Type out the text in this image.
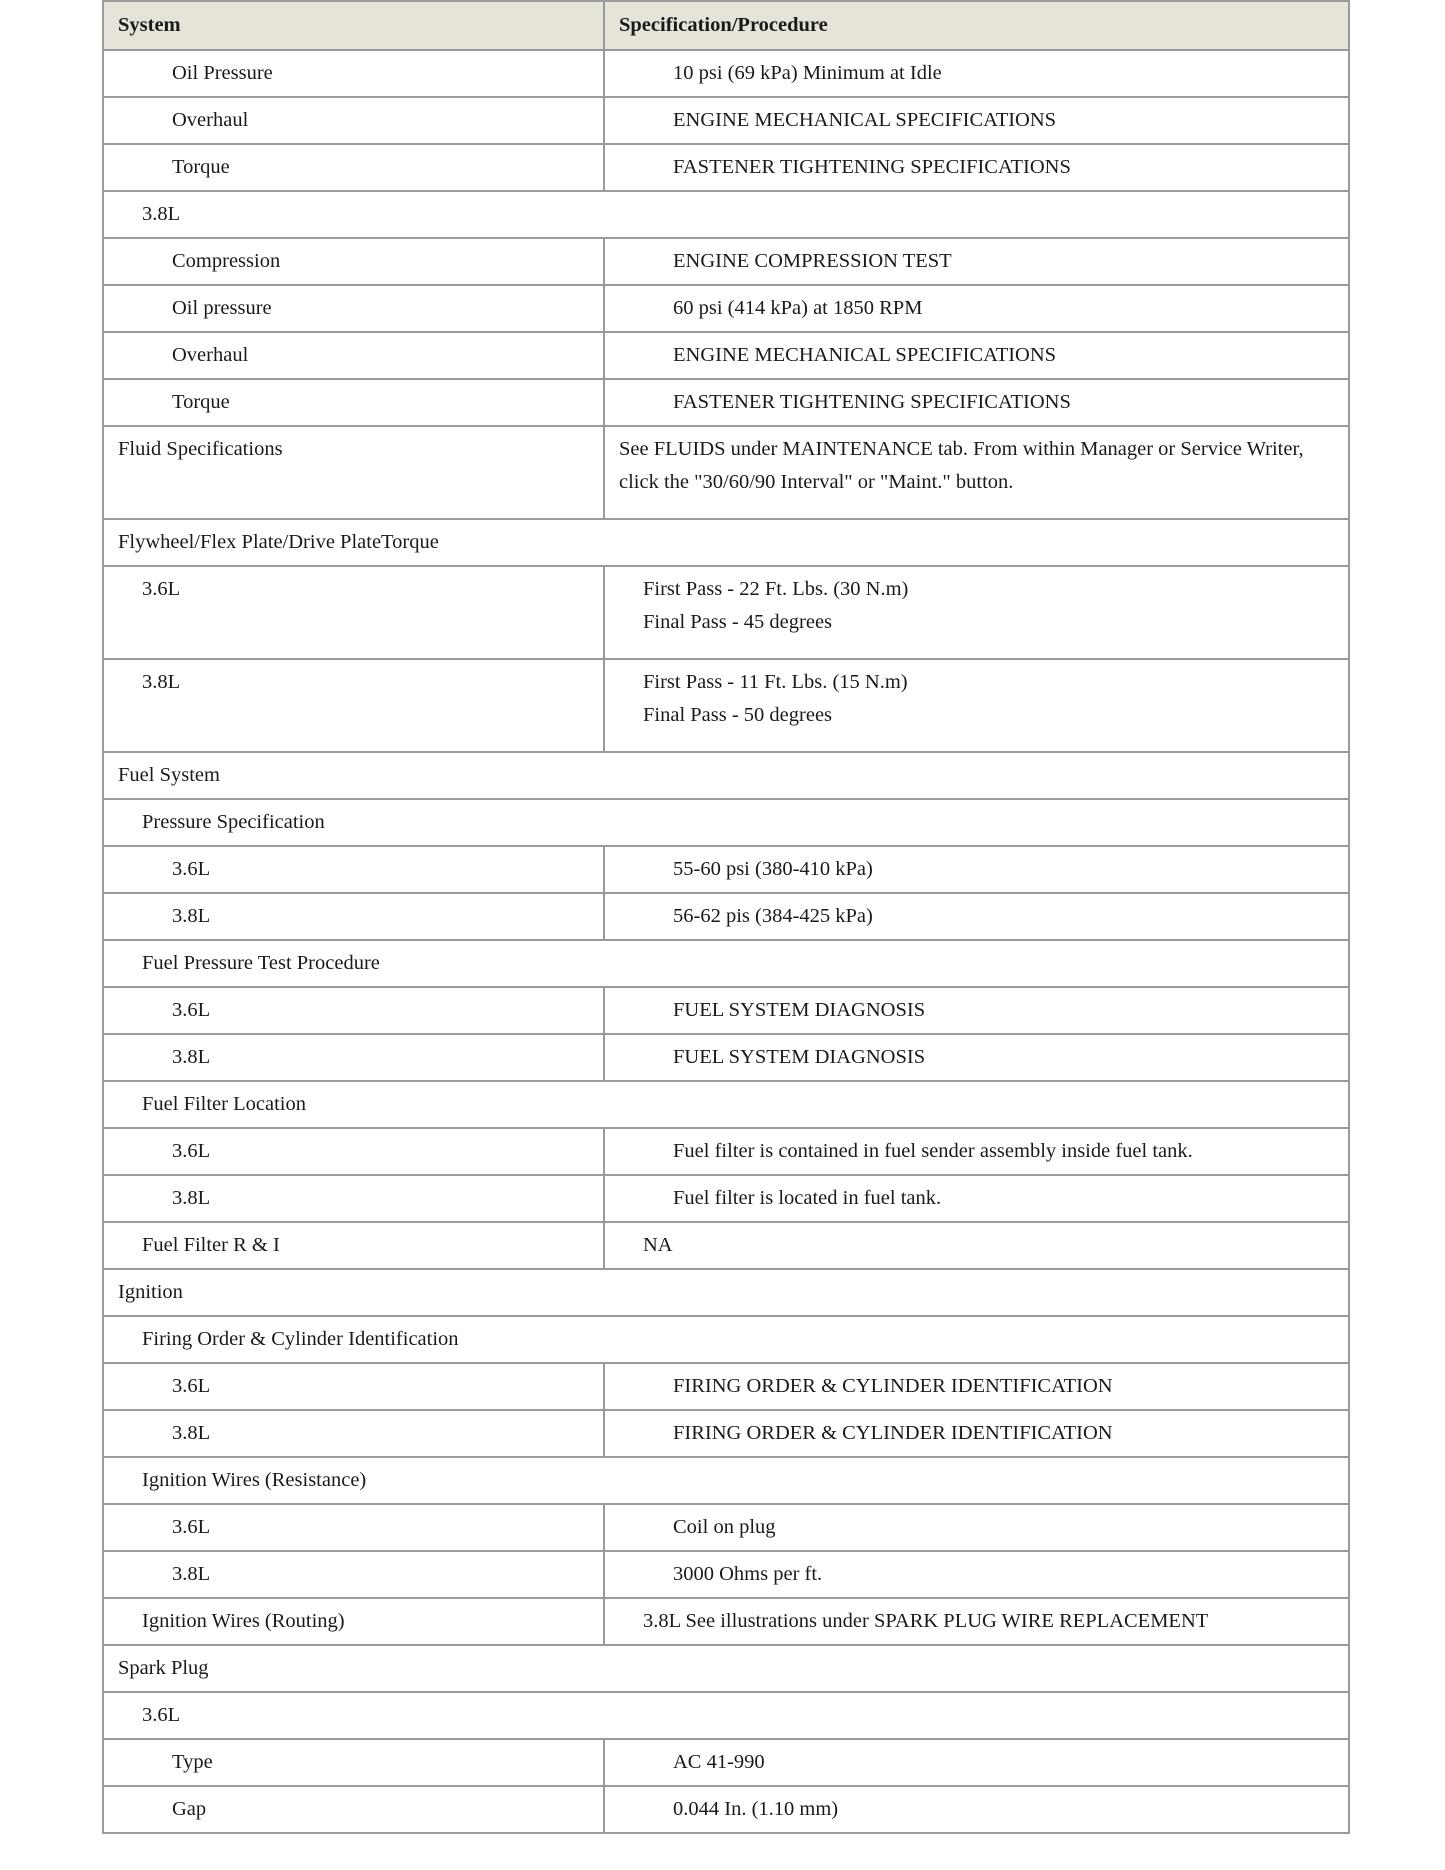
System	Specification/Procedure
Oil Pressure	10 psi (69 kPa) Minimum at Idle
Overhaul	ENGINE MECHANICAL SPECIFICATIONS
Torque	FASTENER TIGHTENING SPECIFICATIONS
3.8L	
Compression	ENGINE COMPRESSION TEST
Oil pressure	60 psi (414 kPa) at 1850 RPM
Overhaul	ENGINE MECHANICAL SPECIFICATIONS
Torque	FASTENER TIGHTENING SPECIFICATIONS
Fluid Specifications	See FLUIDS under MAINTENANCE tab. From within Manager or Service Writer,
click the "30/60/90 Interval" or "Maint." button.

Flywheel/Flex Plate/Drive PlateTorque	
3.6L	First Pass - 22 Ft. Lbs. (30 N.m)
Final Pass - 45 degrees

3.8L	First Pass - 11 Ft. Lbs. (15 N.m)
Final Pass - 50 degrees

Fuel System	
Pressure Specification	
3.6L	55-60 psi (380-410 kPa)
3.8L	56-62 pis (384-425 kPa)
Fuel Pressure Test Procedure	
3.6L	FUEL SYSTEM DIAGNOSIS
3.8L	FUEL SYSTEM DIAGNOSIS
Fuel Filter Location	
3.6L	Fuel filter is contained in fuel sender assembly inside fuel tank.
3.8L	Fuel filter is located in fuel tank.
Fuel Filter R & I	NA
Ignition	
Firing Order & Cylinder Identification	
3.6L	FIRING ORDER & CYLINDER IDENTIFICATION
3.8L	FIRING ORDER & CYLINDER IDENTIFICATION
Ignition Wires (Resistance)	
3.6L	Coil on plug
3.8L	3000 Ohms per ft.
Ignition Wires (Routing)	3.8L See illustrations under SPARK PLUG WIRE REPLACEMENT
Spark Plug	
3.6L	
Type	AC 41-990
Gap	0.044 In. (1.10 mm)
